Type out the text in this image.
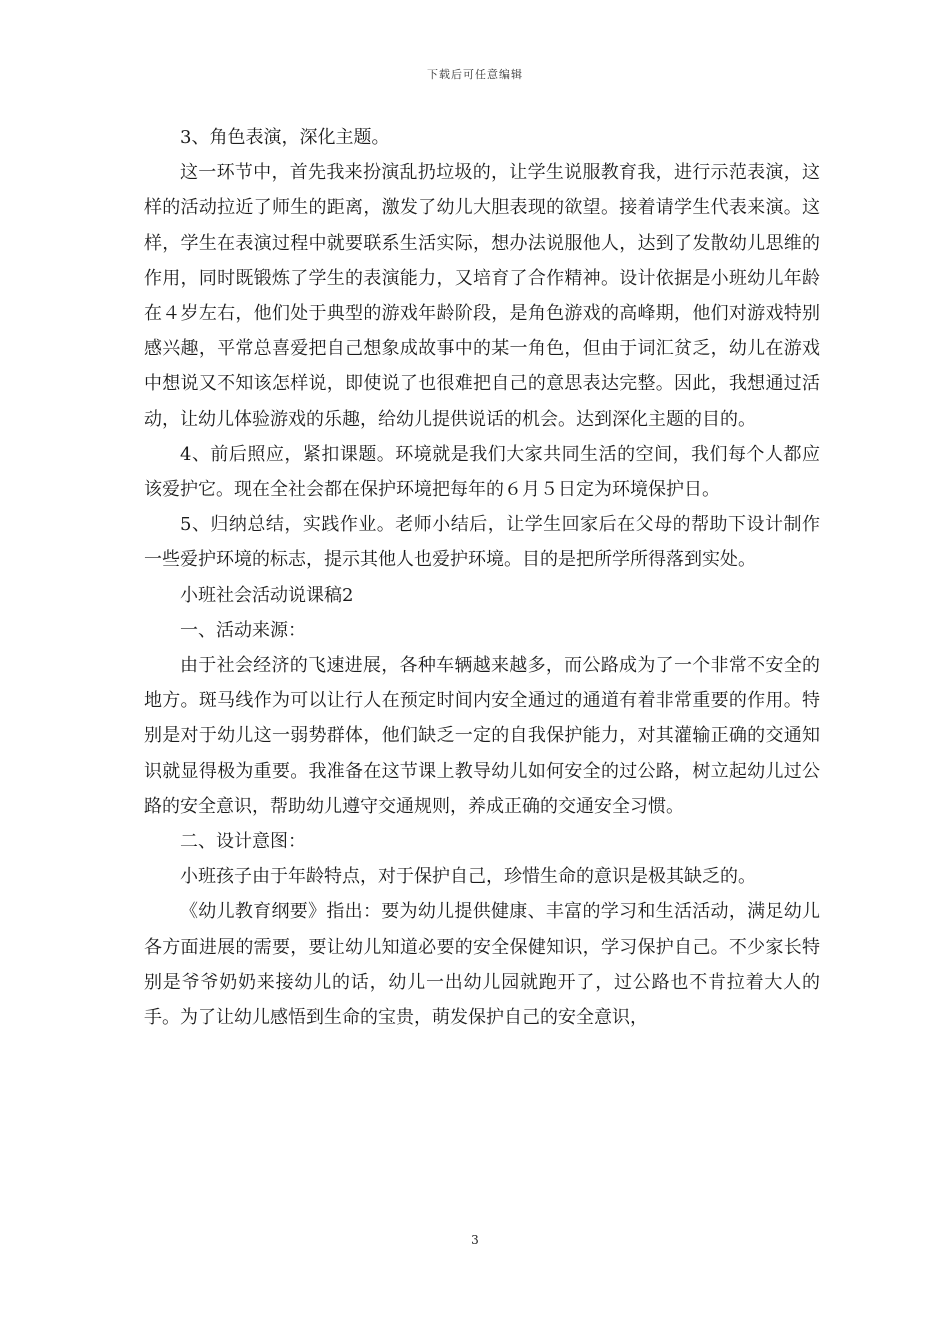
下载后可任意编辑

3、角色表演，深化主题。

这一环节中，首先我来扮演乱扔垃圾的，让学生说服教育我，进行示范表演，这样的活动拉近了师生的距离，激发了幼儿大胆表现的欲望。接着请学生代表来演。这样，学生在表演过程中就要联系生活实际，想办法说服他人，达到了发散幼儿思维的作用，同时既锻炼了学生的表演能力，又培育了合作精神。设计依据是小班幼儿年龄在４岁左右，他们处于典型的游戏年龄阶段，是角色游戏的高峰期，他们对游戏特别感兴趣，平常总喜爱把自己想象成故事中的某一角色，但由于词汇贫乏，幼儿在游戏中想说又不知该怎样说，即使说了也很难把自己的意思表达完整。因此，我想通过活动，让幼儿体验游戏的乐趣，给幼儿提供说话的机会。达到深化主题的目的。

4、前后照应，紧扣课题。环境就是我们大家共同生活的空间，我们每个人都应该爱护它。现在全社会都在保护环境把每年的６月５日定为环境保护日。

5、归纳总结，实践作业。老师小结后，让学生回家后在父母的帮助下设计制作一些爱护环境的标志，提示其他人也爱护环境。目的是把所学所得落到实处。

小班社会活动说课稿2

一、活动来源：

由于社会经济的飞速进展，各种车辆越来越多，而公路成为了一个非常不安全的地方。斑马线作为可以让行人在预定时间内安全通过的通道有着非常重要的作用。特别是对于幼儿这一弱势群体，他们缺乏一定的自我保护能力，对其灌输正确的交通知识就显得极为重要。我准备在这节课上教导幼儿如何安全的过公路，树立起幼儿过公路的安全意识，帮助幼儿遵守交通规则，养成正确的交通安全习惯。

二、设计意图：

小班孩子由于年龄特点，对于保护自己，珍惜生命的意识是极其缺乏的。

《幼儿教育纲要》指出：要为幼儿提供健康、丰富的学习和生活活动，满足幼儿各方面进展的需要，要让幼儿知道必要的安全保健知识，学习保护自己。不少家长特别是爷爷奶奶来接幼儿的话，幼儿一出幼儿园就跑开了，过公路也不肯拉着大人的手。为了让幼儿感悟到生命的宝贵，萌发保护自己的安全意识，

3
